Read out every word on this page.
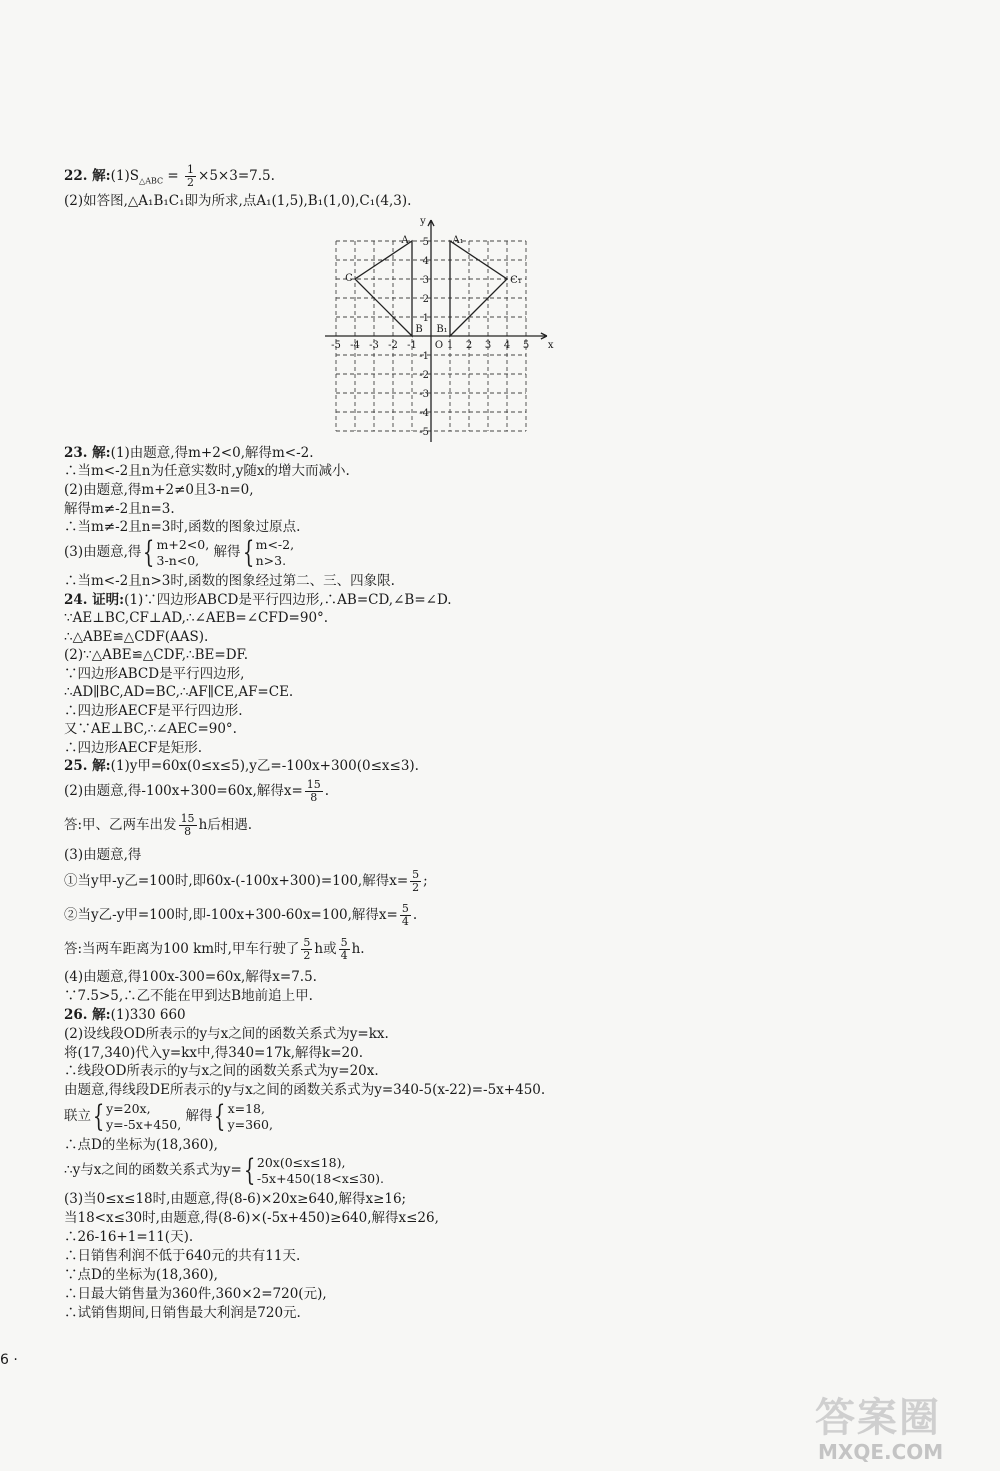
22. 解$:(1)S_{\triangle ABC} = \frac{1}{2} \times 5\times 3=7.5$.
(2)如答图,△A₁B₁C₁即为所求,点A₁(1,5),B₁(1,0),C₁(4,3).
-5 -4 -3 -2 -1	1 2 3 4 5
5
4
3
2
1
-1
-2
-3
-4
-5
x
y
O
A
B
C
A₁
B₁
C₁
23. 解:(1)由题意,得m+2<0,解得m<-2.
∴当m<-2且n为任意实数时,y随x的增大而减小.
(2)由题意,得m+2≠0且3-n=0,
解得m≠-2且n=3.
∴当m≠-2且n=3时,函数的图象过原点.
(3)由题意,得{ m+2<0,
3-n<0, 解得{ m<-2,
n>3.
∴当m<-2且n>3时,函数的图象经过第二、三、四象限.
24. 证明:(1)∵四边形ABCD是平行四边形,∴AB=CD,∠B=∠D.
∵AE⊥BC,CF⊥AD,∴∠AEB=∠CFD=90°.
∴△ABE≌△CDF(AAS).
(2)∵△ABE≌△CDF,∴BE=DF.
∵四边形ABCD是平行四边形,
∴AD∥BC,AD=BC,∴AF∥CE,AF=CE.
∴四边形AECF是平行四边形.
又∵AE⊥BC,∴∠AEC=90°.
∴四边形AECF是矩形.
25. 解:(1)y甲=60x(0≤x≤5),y乙=-100x+300(0≤x≤3).
(2)由题意,得-100x+300=60x,解得$x= \frac{15}{8}$ .
答:甲、乙两车出发 $\frac{15}{8}$ h后相遇.
(3)由题意,得
①当y甲-y乙=100时,即60x-(-100x+300)=100,解得$x= \frac{5}{2}$ ;
②当y乙-y甲=100时,即-100x+300-60x=100,解得$x= \frac{5}{4}$ .
答:当两车距离为100 km时,甲车行驶了 $\frac{5}{2}$ h或 $\frac{5}{4} h$.
(4)由题意,得100x-300=60x,解得x=7.5.
∵7.5>5,∴乙不能在甲到达B地前追上甲.
26. 解:(1)330 660
(2)设线段OD所表示的y与x之间的函数关系式为y=kx.
将(17,340)代入y=kx中,得340=17k,解得k=20.
∴线段OD所表示的y与x之间的函数关系式为y=20x.
由题意,得线段DE所表示的y与x之间的函数关系式为y=340-5(x-22)=-5x+450.
联立{ y=20x,
y=-5x+450, 解得{ x=18,
y=360,
∴点D的坐标为(18,360),
∴y与x之间的函数关系式为y={ 20x(0≤x≤18),
-5x+450(18<x≤30).
(3)当0≤x≤18时,由题意,得(8-6)×20x≥640,解得x≥16;
当18<x≤30时,由题意,得(8-6)×(-5x+450)≥640,解得x≤26,
∴26-16+1=11(天).
∴日销售利润不低于640元的共有11天.
∵点D的坐标为(18,360),
∴日最大销售量为360件,360×2=720(元),
∴试销售期间,日销售最大利润是720元.
6 ·
答案圈
MXQE.COM
